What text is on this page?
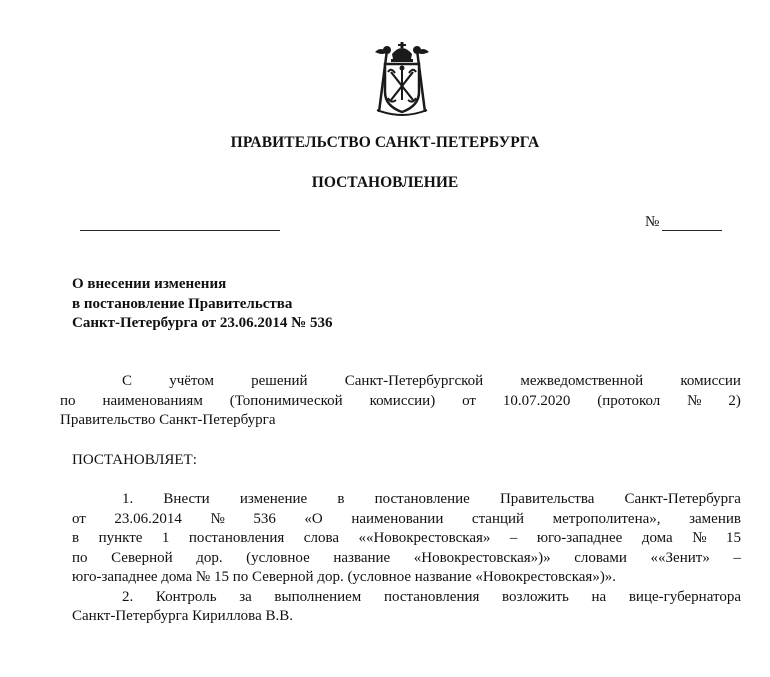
ПРАВИТЕЛЬСТВО САНКТ-ПЕТЕРБУРГА
ПОСТАНОВЛЕНИЕ
№
О внесении изменения
в постановление Правительства
Санкт-Петербурга от 23.06.2014 № 536
С учётом решений Санкт-Петербургской межведомственной комиссии
по наименованиям (Топонимической комиссии) от 10.07.2020 (протокол № 2)
Правительство Санкт-Петербурга
ПОСТАНОВЛЯЕТ:
1. Внести изменение в постановление Правительства Санкт-Петербурга
от 23.06.2014 № 536 «О наименовании станций метрополитена», заменив
в пункте 1 постановления слова ««Новокрестовская» – юго-западнее дома № 15
по Северной дор. (условное название «Новокрестовская»)» словами ««Зенит» –
юго-западнее дома № 15 по Северной дор. (условное название «Новокрестовская»)».
2. Контроль за выполнением постановления возложить на вице-губернатора
Санкт-Петербурга Кириллова В.В.
